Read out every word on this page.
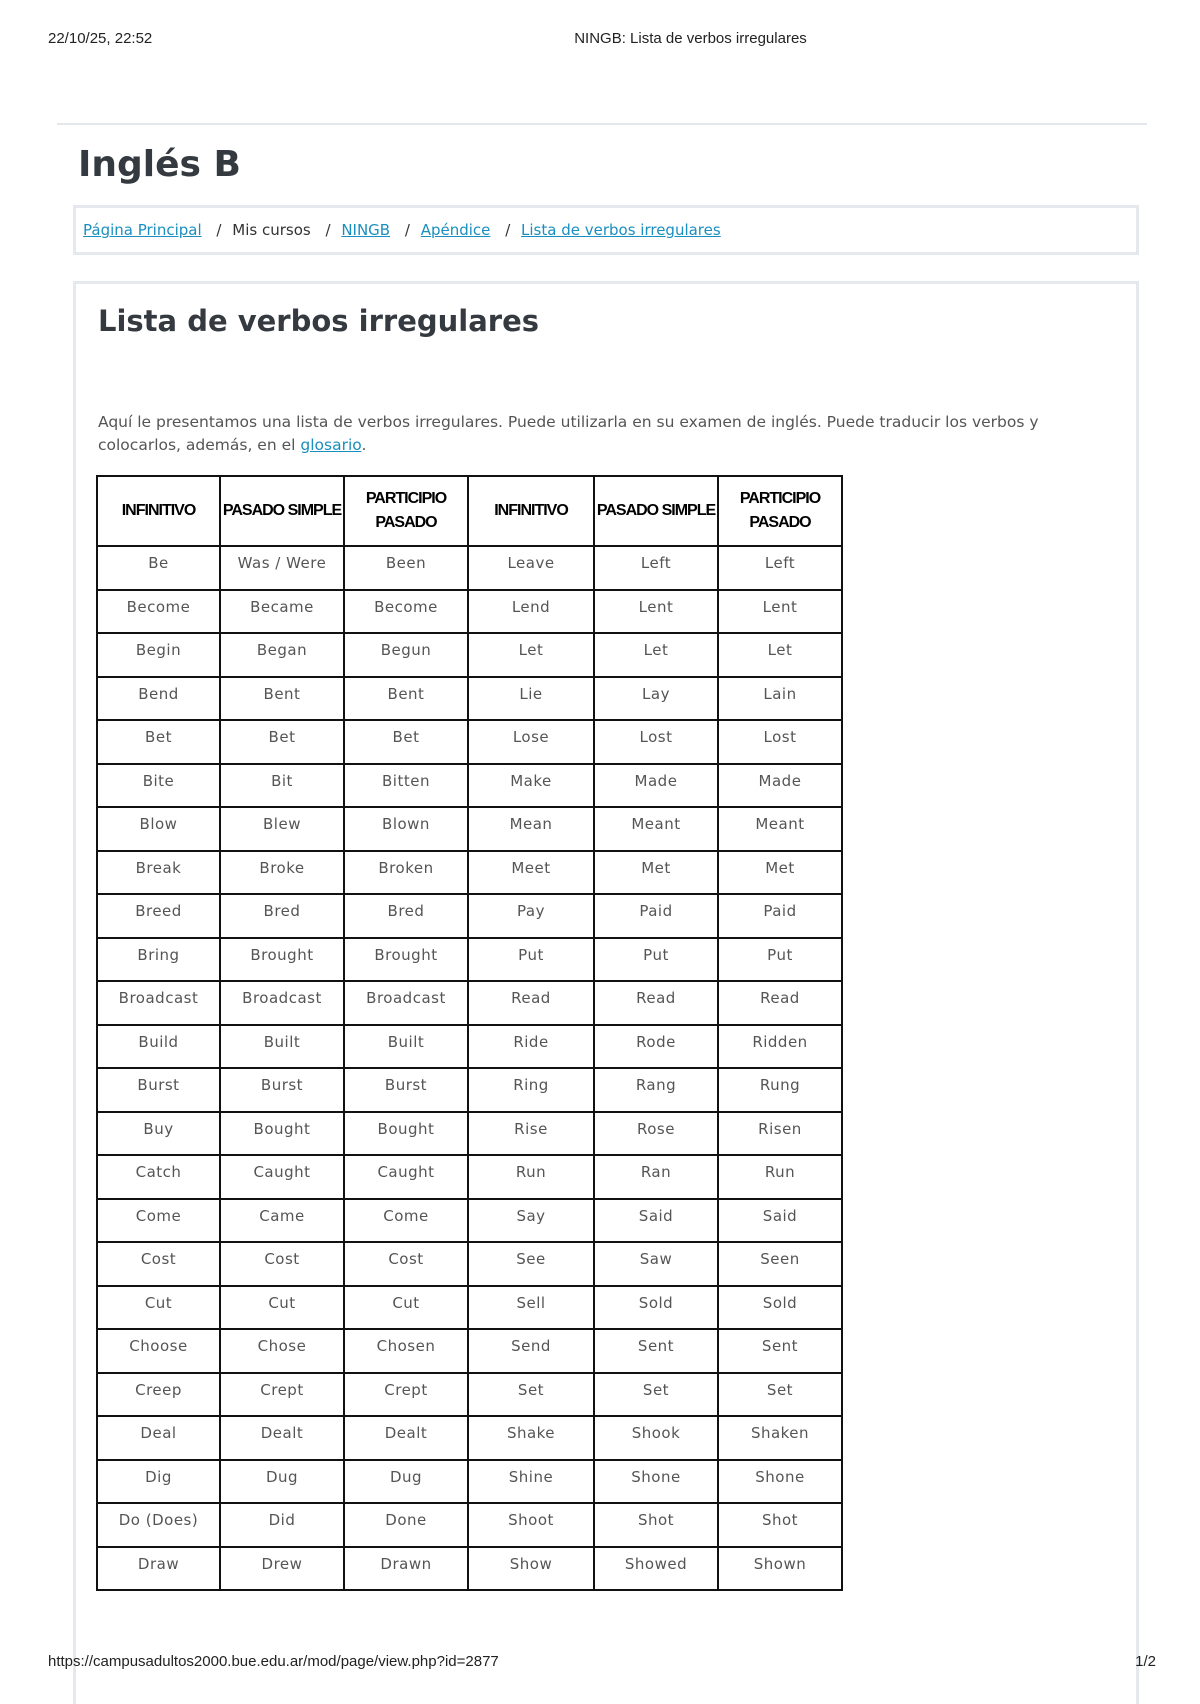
22/10/25, 22:52	NINGB: Lista de verbos irregulares
Inglés B
Página Principal / Mis cursos / NINGB / Apéndice / Lista de verbos irregulares
Lista de verbos irregulares

Aquí le presentamos una lista de verbos irregulares. Puede utilizarla en su examen de inglés. Puede traducir los verbos y colocarlos, además, en el glosario.

INFINITIVO	PASADO SIMPLE	PARTICIPIO PASADO	INFINITIVO	PASADO SIMPLE	PARTICIPIO PASADO
Be	Was / Were	Been	Leave	Left	Left
Become	Became	Become	Lend	Lent	Lent
Begin	Began	Begun	Let	Let	Let
Bend	Bent	Bent	Lie	Lay	Lain
Bet	Bet	Bet	Lose	Lost	Lost
Bite	Bit	Bitten	Make	Made	Made
Blow	Blew	Blown	Mean	Meant	Meant
Break	Broke	Broken	Meet	Met	Met
Breed	Bred	Bred	Pay	Paid	Paid
Bring	Brought	Brought	Put	Put	Put
Broadcast	Broadcast	Broadcast	Read	Read	Read
Build	Built	Built	Ride	Rode	Ridden
Burst	Burst	Burst	Ring	Rang	Rung
Buy	Bought	Bought	Rise	Rose	Risen
Catch	Caught	Caught	Run	Ran	Run
Come	Came	Come	Say	Said	Said
Cost	Cost	Cost	See	Saw	Seen
Cut	Cut	Cut	Sell	Sold	Sold
Choose	Chose	Chosen	Send	Sent	Sent
Creep	Crept	Crept	Set	Set	Set
Deal	Dealt	Dealt	Shake	Shook	Shaken
Dig	Dug	Dug	Shine	Shone	Shone
Do (Does)	Did	Done	Shoot	Shot	Shot
Draw	Drew	Drawn	Show	Showed	Shown
https://campusadultos2000.bue.edu.ar/mod/page/view.php?id=2877	1/2
